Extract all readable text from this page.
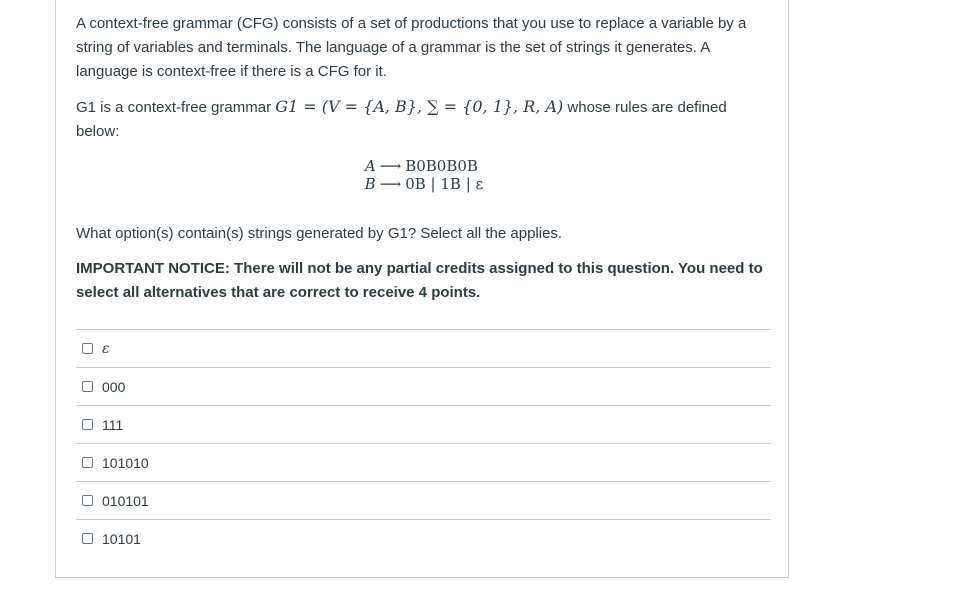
A context-free grammar (CFG) consists of a set of productions that you use to replace a variable by a string of variables and terminals. The language of a grammar is the set of strings it generates. A language is context-free if there is a CFG for it.

G1 is a context-free grammar G1 = (V = {A, B}, ∑ = {0, 1}, R, A) whose rules are defined below:

A	⟶	B0B0B0B
B	⟶	0B | 1B | ε

What option(s) contain(s) strings generated by G1? Select all the applies.

IMPORTANT NOTICE: There will not be any partial credits assigned to this question. You need to select all alternatives that are correct to receive 4 points.

ε
000
111
101010
010101
10101
